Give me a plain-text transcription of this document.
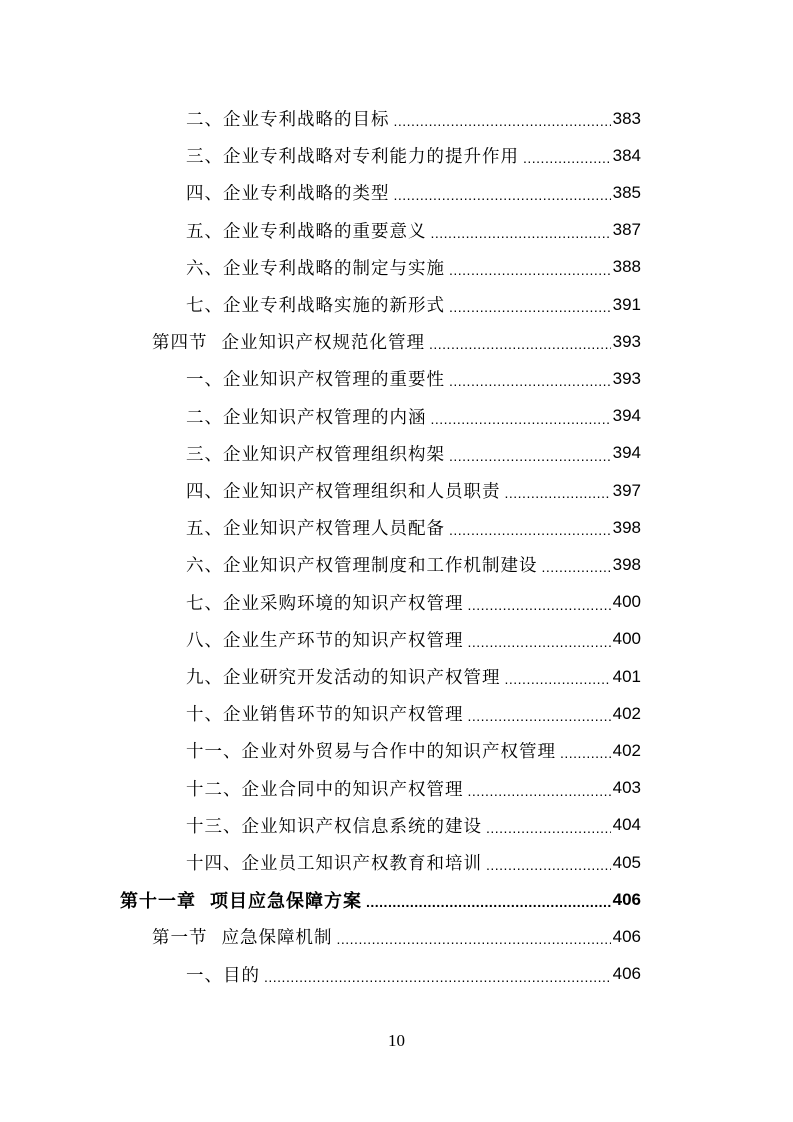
二、企业专利战略的目标 .....	383
三、企业专利战略对专利能力的提升作用 .....	384
四、企业专利战略的类型 .....	385
五、企业专利战略的重要意义 .....	387
六、企业专利战略的制定与实施 .....	388
七、企业专利战略实施的新形式 .....	391
第四节 企业知识产权规范化管理 .....	393
一、企业知识产权管理的重要性 .....	393
二、企业知识产权管理的内涵 .....	394
三、企业知识产权管理组织构架 .....	394
四、企业知识产权管理组织和人员职责 .....	397
五、企业知识产权管理人员配备 .....	398
六、企业知识产权管理制度和工作机制建设 .....	398
七、企业采购环境的知识产权管理 .....	400
八、企业生产环节的知识产权管理 .....	400
九、企业研究开发活动的知识产权管理 .....	401
十、企业销售环节的知识产权管理 .....	402
十一、企业对外贸易与合作中的知识产权管理 .....	402
十二、企业合同中的知识产权管理 .....	403
十三、企业知识产权信息系统的建设 .....	404
十四、企业员工知识产权教育和培训 .....	405
第十一章 项目应急保障方案 .....	406
第一节 应急保障机制 .....	406
一、目的 .....	406
10
